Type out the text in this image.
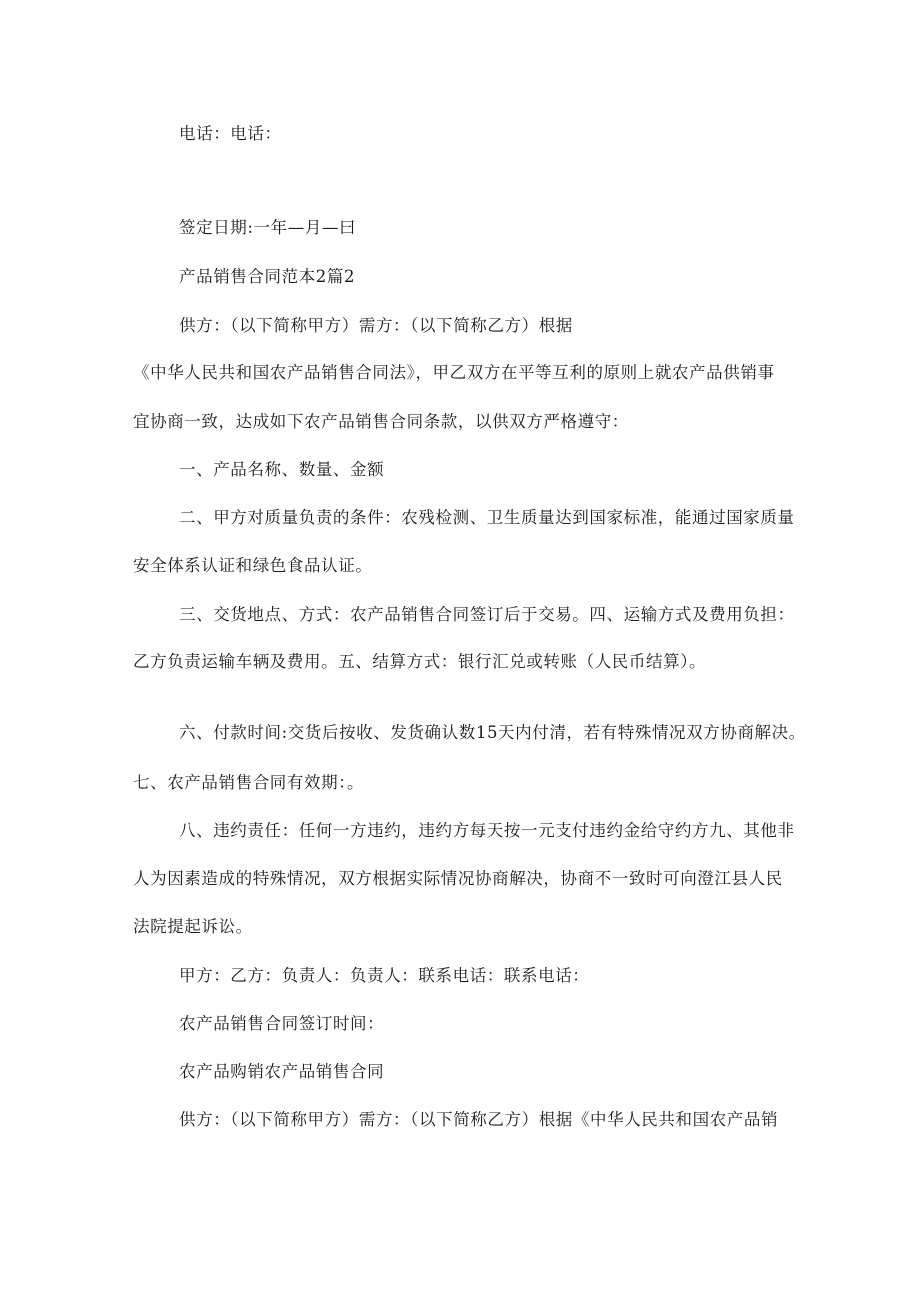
电话：电话：
签定日期:一年—月—曰
产品销售合同范本2篇2
供方：（以下简称甲方）需方：（以下简称乙方）根据
《中华人民共和国农产品销售合同法》，甲乙双方在平等互利的原则上就农产品供销事
宜协商一致，达成如下农产品销售合同条款，以供双方严格遵守：
一、产品名称、数量、金额
二、甲方对质量负责的条件：农残检测、卫生质量达到国家标准，能通过国家质量
安全体系认证和绿色食品认证。
三、交货地点、方式：农产品销售合同签订后于交易。四、运输方式及费用负担：
乙方负责运输车辆及费用。五、结算方式：银行汇兑或转账（人民币结算）。
六、付款时间:交货后按收、发货确认数15天内付清，若有特殊情况双方协商解决。
七、农产品销售合同有效期：。
八、违约责任：任何一方违约，违约方每天按一元支付违约金给守约方九、其他非
人为因素造成的特殊情况，双方根据实际情况协商解决，协商不一致时可向澄江县人民
法院提起诉讼。
甲方：乙方：负责人：负责人：联系电话：联系电话：
农产品销售合同签订时间：
农产品购销农产品销售合同
供方：（以下简称甲方）需方：（以下简称乙方）根据《中华人民共和国农产品销
